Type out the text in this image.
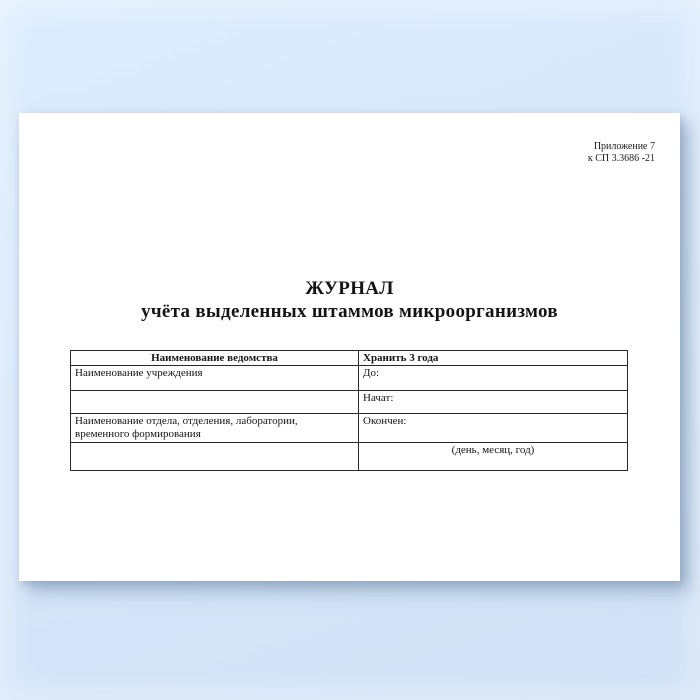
Приложение 7
к СП 3.3686 -21
ЖУРНАЛ
учёта выделенных штаммов микроорганизмов
Наименование ведомства	Хранить 3 года
Наименование учреждения	До:
	Начат:
Наименование отдела, отделения, лаборатории, временного формирования	Окончен:
	(день, месяц, год)
